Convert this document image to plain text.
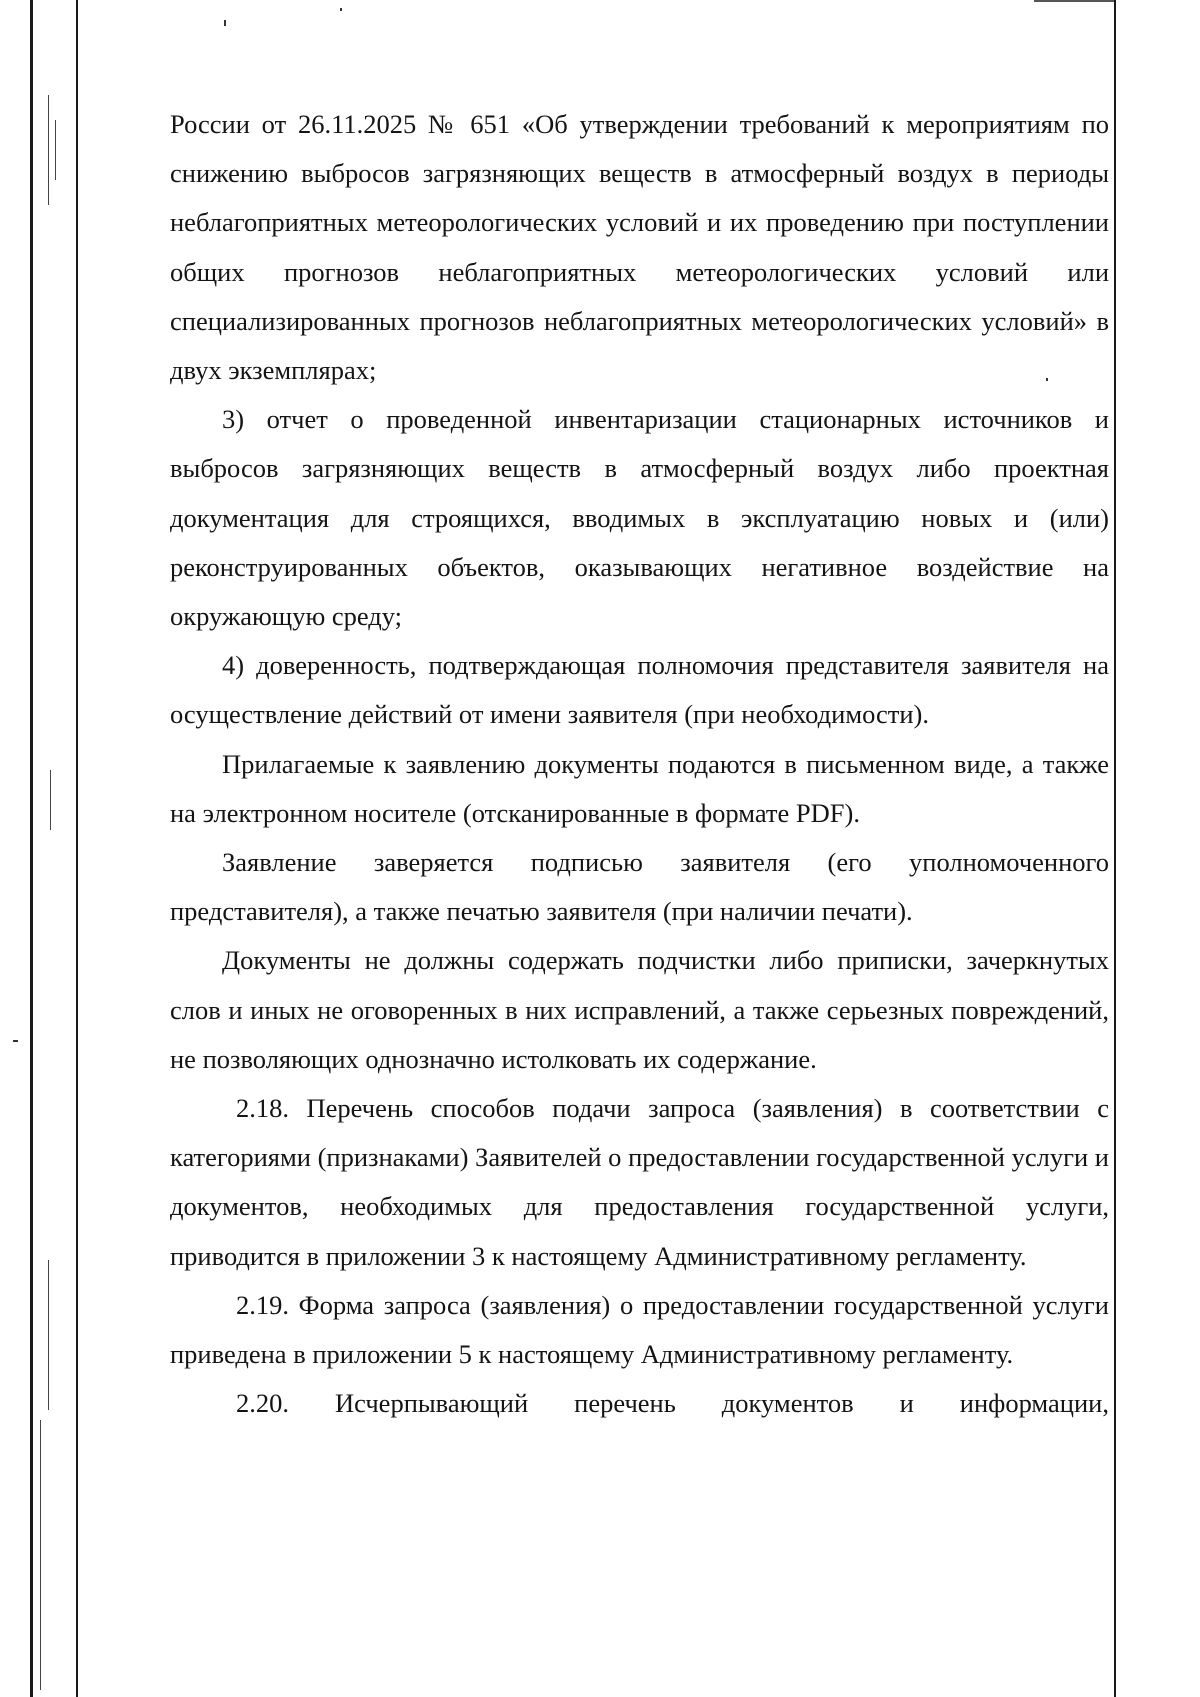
России от 26.11.2025 № 651 «Об утверждении требований к мероприятиям по снижению выбросов загрязняющих веществ в атмосферный воздух в периоды неблагоприятных метеорологических условий и их проведению при поступлении общих прогнозов неблагоприятных метеорологических условий или специализированных прогнозов неблагоприятных метеорологических условий» в двух экземплярах;

3) отчет о проведенной инвентаризации стационарных источников и выбросов загрязняющих веществ в атмосферный воздух либо проектная документация для строящихся, вводимых в эксплуатацию новых и (или) реконструированных объектов, оказывающих негативное воздействие на окружающую среду;

4) доверенность, подтверждающая полномочия представителя заявителя на осуществление действий от имени заявителя (при необходимости).

Прилагаемые к заявлению документы подаются в письменном виде, а также на электронном носителе (отсканированные в формате PDF).

Заявление заверяется подписью заявителя (его уполномоченного представителя), а также печатью заявителя (при наличии печати).

Документы не должны содержать подчистки либо приписки, зачеркнутых слов и иных не оговоренных в них исправлений, а также серьезных повреждений, не позволяющих однозначно истолковать их содержание.

2.18. Перечень способов подачи запроса (заявления) в соответствии с категориями (признаками) Заявителей о предоставлении государственной услуги и документов, необходимых для предоставления государственной услуги, приводится в приложении 3 к настоящему Административному регламенту.

2.19. Форма запроса (заявления) о предоставлении государственной услуги приведена в приложении 5 к настоящему Административному регламенту.

2.20. Исчерпывающий перечень документов и информации,
